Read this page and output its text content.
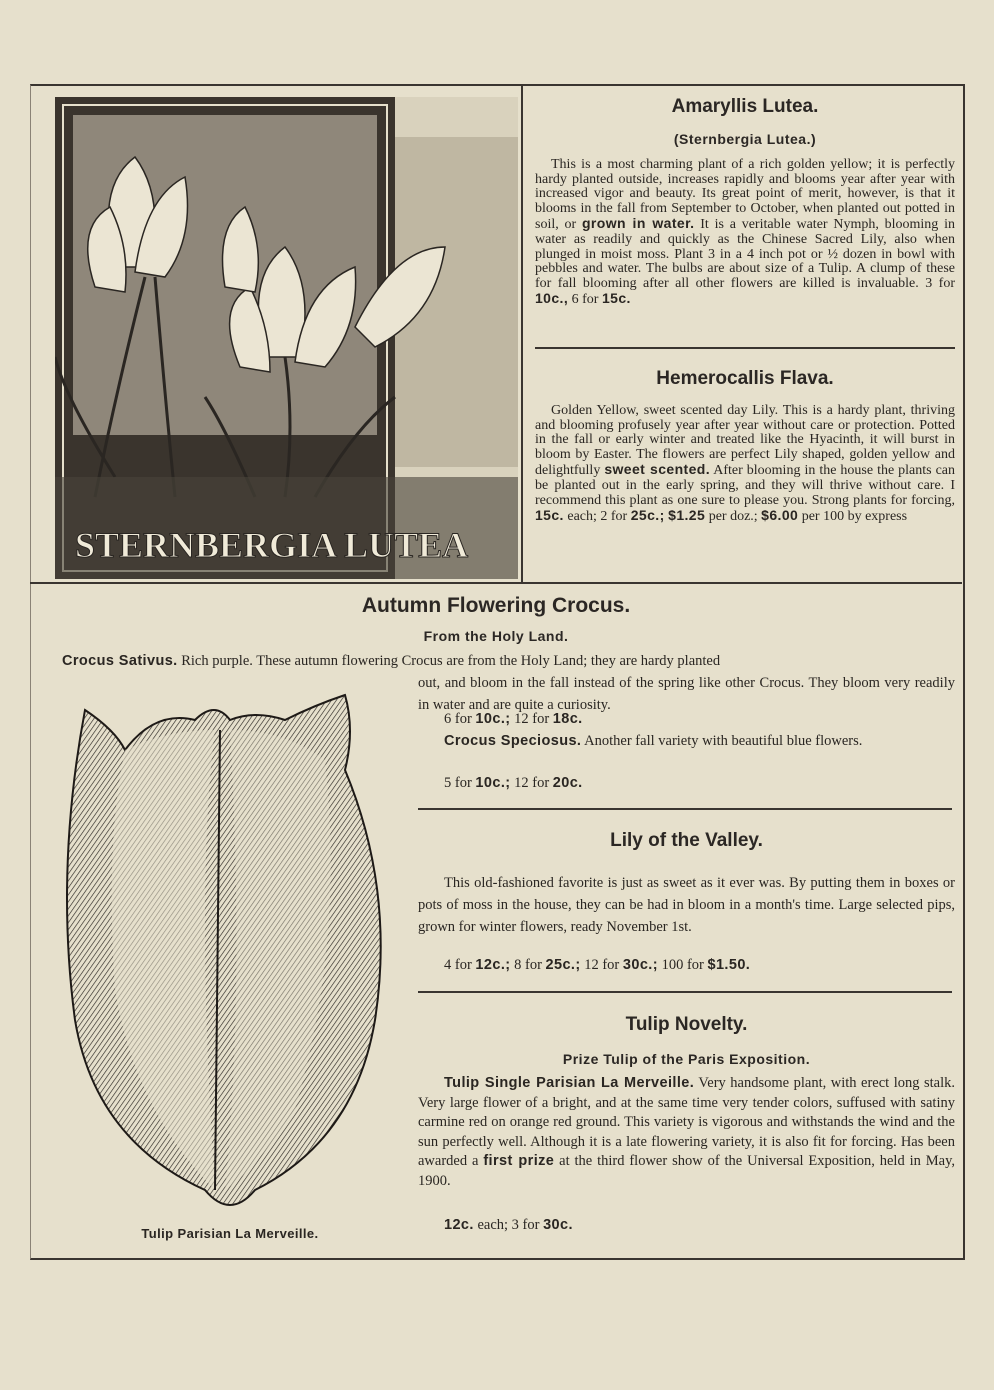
STERNBERGIA LUTEA
Amaryllis Lutea.
(Sternbergia Lutea.)
This is a most charming plant of a rich golden yellow; it is perfectly hardy planted outside, increases rapidly and blooms year after year with increased vigor and beauty. Its great point of merit, however, is that it blooms in the fall from September to October, when planted out potted in soil, or grown in water. It is a veritable water Nymph, blooming in water as readily and quickly as the Chinese Sacred Lily, also when plunged in moist moss. Plant 3 in a 4 inch pot or ½ dozen in bowl with pebbles and water. The bulbs are about size of a Tulip. A clump of these for fall blooming after all other flowers are killed is invaluable. 3 for 10c., 6 for 15c.
Hemerocallis Flava.
Golden Yellow, sweet scented day Lily. This is a hardy plant, thriving and blooming profusely year after year without care or protection. Potted in the fall or early winter and treated like the Hyacinth, it will burst in bloom by Easter. The flowers are perfect Lily shaped, golden yellow and delightfully sweet scented. After blooming in the house the plants can be planted out in the early spring, and they will thrive without care. I recommend this plant as one sure to please you. Strong plants for forcing, 15c. each; 2 for 25c.; $1.25 per doz.; $6.00 per 100 by express
Autumn Flowering Crocus.
From the Holy Land.
Crocus Sativus. Rich purple. These autumn flowering Crocus are from the Holy Land; they are hardy planted
out, and bloom in the fall instead of the spring like other Crocus. They bloom very readily in water and are quite a curiosity.
6 for 10c.; 12 for 18c.
Crocus Speciosus. Another fall variety with beautiful blue flowers.
5 for 10c.; 12 for 20c.
Lily of the Valley.
This old-fashioned favorite is just as sweet as it ever was. By putting them in boxes or pots of moss in the house, they can be had in bloom in a month's time. Large selected pips, grown for winter flowers, ready November 1st.
4 for 12c.; 8 for 25c.; 12 for 30c.; 100 for $1.50.
Tulip Novelty.
Prize Tulip of the Paris Exposition.
Tulip Single Parisian La Merveille. Very handsome plant, with erect long stalk. Very large flower of a bright, and at the same time very tender colors, suffused with satiny carmine red on orange red ground. This variety is vigorous and withstands the wind and the sun perfectly well. Although it is a late flowering variety, it is also fit for forcing. Has been awarded a first prize at the third flower show of the Universal Exposition, held in May, 1900.
12c. each; 3 for 30c.
Tulip Parisian La Merveille.
